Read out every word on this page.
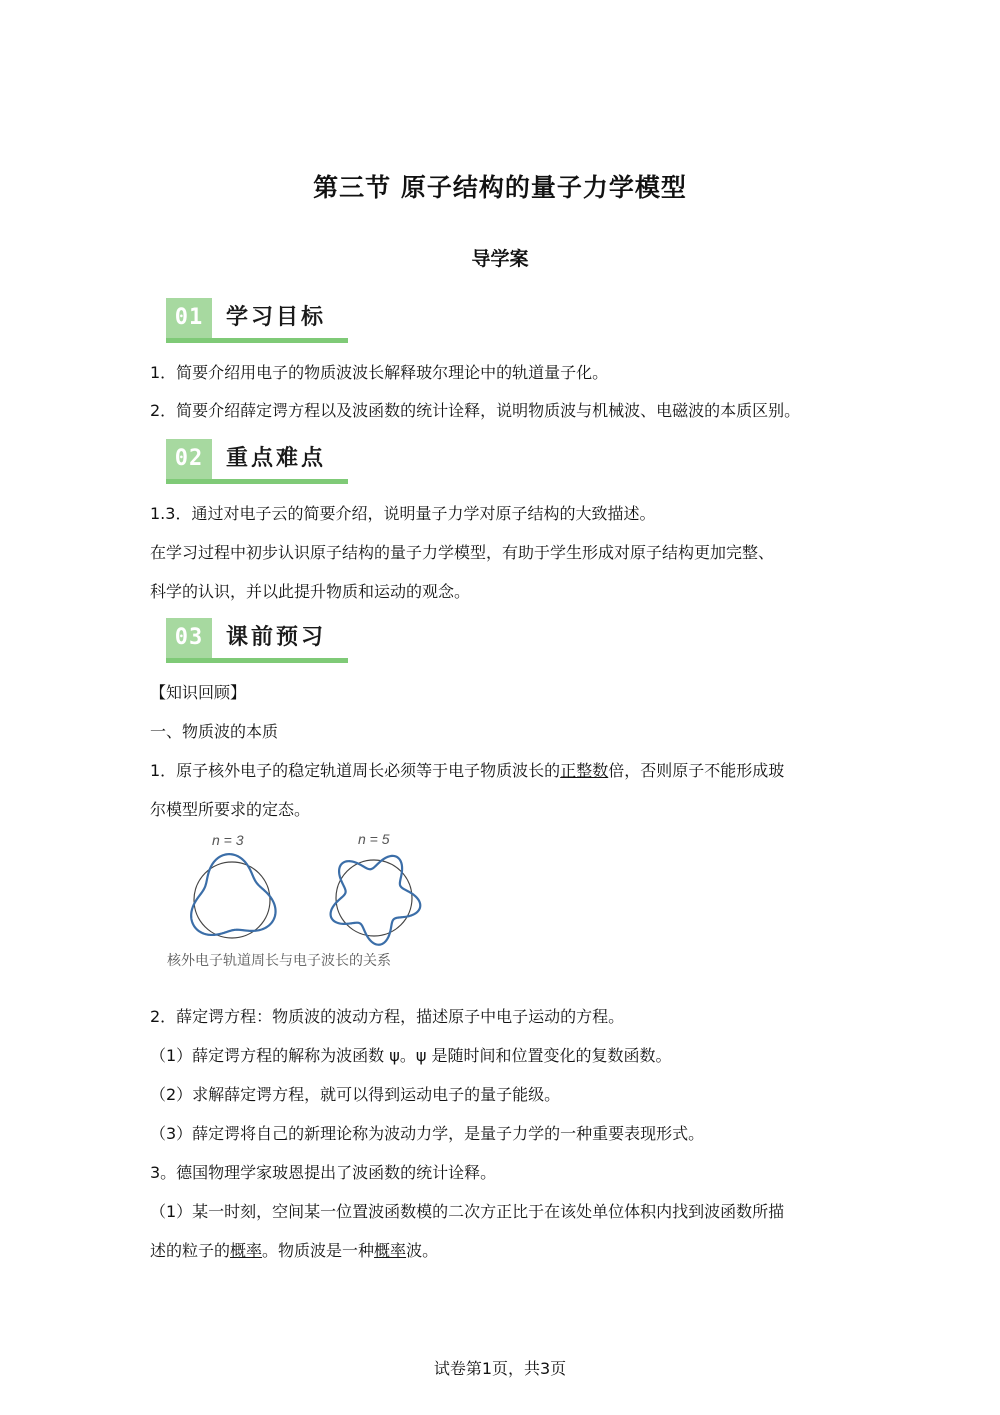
第三节 原子结构的量子力学模型
导学案
01	学习目标
1．简要介绍用电子的物质波波长解释玻尔理论中的轨道量子化。
2．简要介绍薛定谔方程以及波函数的统计诠释，说明物质波与机械波、电磁波的本质区别。
02	重点难点
1.3．通过对电子云的简要介绍，说明量子力学对原子结构的大致描述。
在学习过程中初步认识原子结构的量子力学模型，有助于学生形成对原子结构更加完整、
科学的认识，并以此提升物质和运动的观念。
03	课前预习
【知识回顾】
一、物质波的本质
1．原子核外电子的稳定轨道周长必须等于电子物质波长的正整数倍，否则原子不能形成玻
尔模型所要求的定态。
n = 3	n = 5
核外电子轨道周长与电子波长的关系
2．薛定谔方程：物质波的波动方程，描述原子中电子运动的方程。
（1）薛定谔方程的解称为波函数 ψ。ψ 是随时间和位置变化的复数函数。
（2）求解薛定谔方程，就可以得到运动电子的量子能级。
（3）薛定谔将自己的新理论称为波动力学，是量子力学的一种重要表现形式。
3。德国物理学家玻恩提出了波函数的统计诠释。
（1）某一时刻，空间某一位置波函数模的二次方正比于在该处单位体积内找到波函数所描
述的粒子的概率。物质波是一种概率波。
试卷第1页，共3页
